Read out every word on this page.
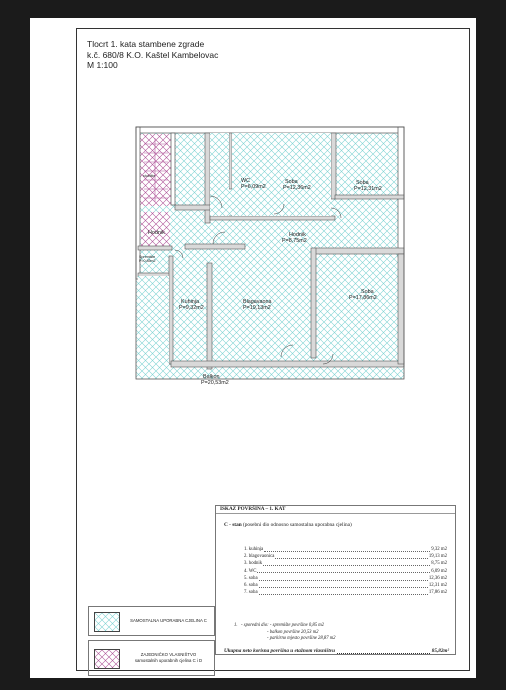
Tlocrt 1. kata stambene zgrade
k.č. 680/8 K.O. Kaštel Kambelovac
M 1:100
stubište
WC
P=6,09m2
Soba
P=12,36m2
Soba
P=12,31m2
Hodnik	Hodnik
P=8,75m2
Spremište
P=0,85m2
Kuhinja
P=9,32m2
Blagavaona
P=19,13m2
Soba
P=17,86m2
Balkon
P=20,53m2
ISKAZ POVRŠINA – 1. KAT
C - stan (posebni dio odnosno samostalna uporabna cjelina)
1. kuhinja	9,32 m2
2. blagovaonica	19,13 m2
3. hodnik	8,75 m2
4. WC	6,09 m2
5. soba	12,36 m2
6. soba	12,31 m2
7. soba	17,86 m2
1. - sporedni dio: - spremište površine 0,85 m2
- balkon površine 20,53 m2
- parkirno mjesto površine 28,87 m2
Ukupna neto korisna površina u etažnom vlasništvu	85,82m²
SAMOSTALNA UPORABNA CJELINA C
ZAJEDNIČKO VLASNIŠTVO
samostalnih uporabnih cjelina C i D
